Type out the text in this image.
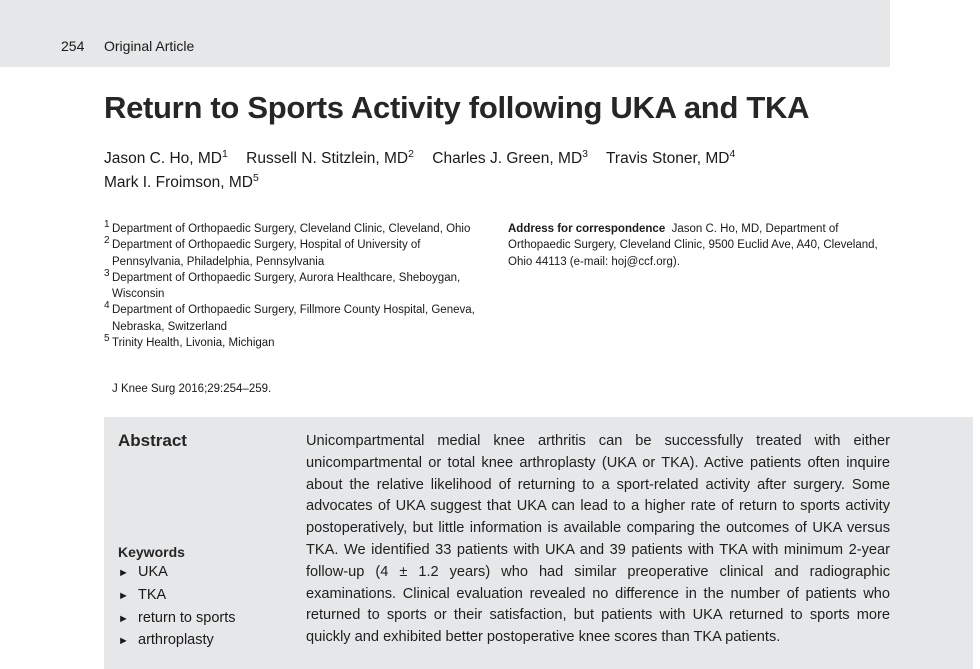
254 Original Article
Return to Sports Activity following UKA and TKA
Jason C. Ho, $MD^1$ Russell N. Stitzlein, $MD^2$ Charles J. Green, $MD^3$ Travis Stoner, $MD^4$
Mark I. Froimson, $MD^5$
1 Department of Orthopaedic Surgery, Cleveland Clinic, Cleveland, Ohio
2 Department of Orthopaedic Surgery, Hospital of University of Pennsylvania, Philadelphia, Pennsylvania
3 Department of Orthopaedic Surgery, Aurora Healthcare, Sheboygan, Wisconsin
4 Department of Orthopaedic Surgery, Fillmore County Hospital, Geneva, Nebraska, Switzerland
5 Trinity Health, Livonia, Michigan
Address for correspondence Jason C. Ho, MD, Department of Orthopaedic Surgery, Cleveland Clinic, 9500 Euclid Ave, A40, Cleveland, Ohio 44113 (e-mail: hoj@ccf.org).
J Knee Surg 2016;29:254–259.
Abstract	Unicompartmental medial knee arthritis can be successfully treated with either unicompartmental or total knee arthroplasty (UKA or TKA). Active patients often inquire about the relative likelihood of returning to a sport-related activity after surgery. Some advocates of UKA suggest that UKA can lead to a higher rate of return to sports activity postoperatively, but little information is available comparing the outcomes of UKA versus TKA. We identified 33 patients with UKA and 39 patients with TKA with minimum 2-year follow-up (4 ± 1.2 years) who had similar preoperative clinical and radiographic examinations. Clinical evaluation revealed no difference in the number of patients who returned to sports or their satisfaction, but patients with UKA returned to sports more quickly and exhibited better postoperative knee scores than TKA patients.

Keywords
► UKA
► TKA
► return to sports
► arthroplasty
